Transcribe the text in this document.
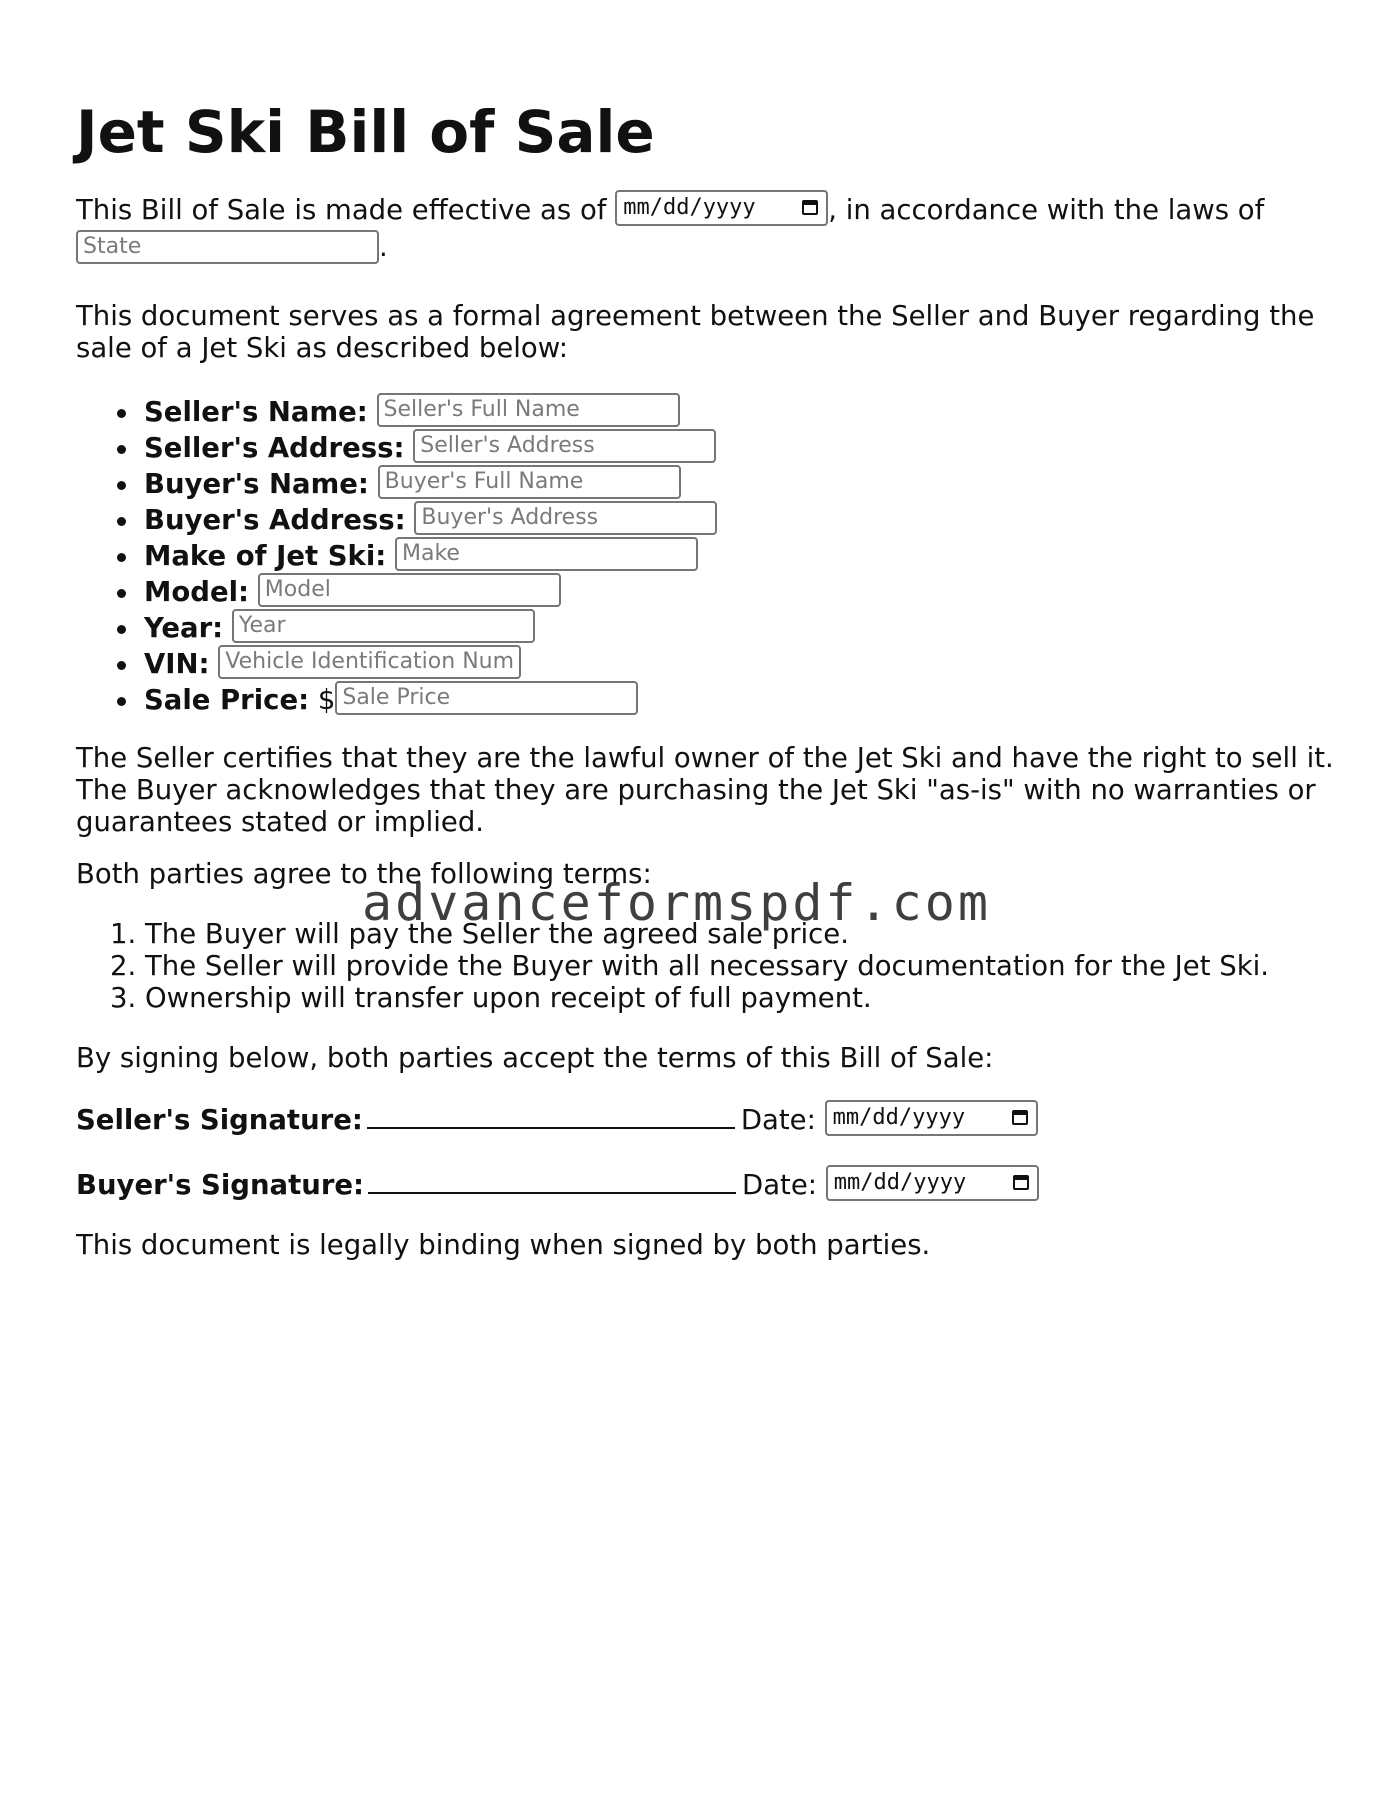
Jet Ski Bill of Sale

This Bill of Sale is made effective as of mm/dd/yyyy	, in accordance with the laws of
State	.

This document serves as a formal agreement between the Seller and Buyer regarding the sale of a Jet Ski as described below:

Seller's Name: Seller's Full Name
Seller's Address: Seller's Address
Buyer's Name: Buyer's Full Name
Buyer's Address: Buyer's Address
Make of Jet Ski: Make
Model: Model
Year: Year
VIN: Vehicle Identification Num
Sale Price: $ Sale Price

The Seller certifies that they are the lawful owner of the Jet Ski and have the right to sell it. The Buyer acknowledges that they are purchasing the Jet Ski "as-is" with no warranties or guarantees stated or implied.

Both parties agree to the following terms:

1. The Buyer will pay the Seller the agreed sale price.
2. The Seller will provide the Buyer with all necessary documentation for the Jet Ski.
3. Ownership will transfer upon receipt of full payment.

By signing below, both parties accept the terms of this Bill of Sale:

Seller's Signature:	Date: mm/dd/yyyy

Buyer's Signature:	Date: mm/dd/yyyy

This document is legally binding when signed by both parties.

advanceformspdf.com
